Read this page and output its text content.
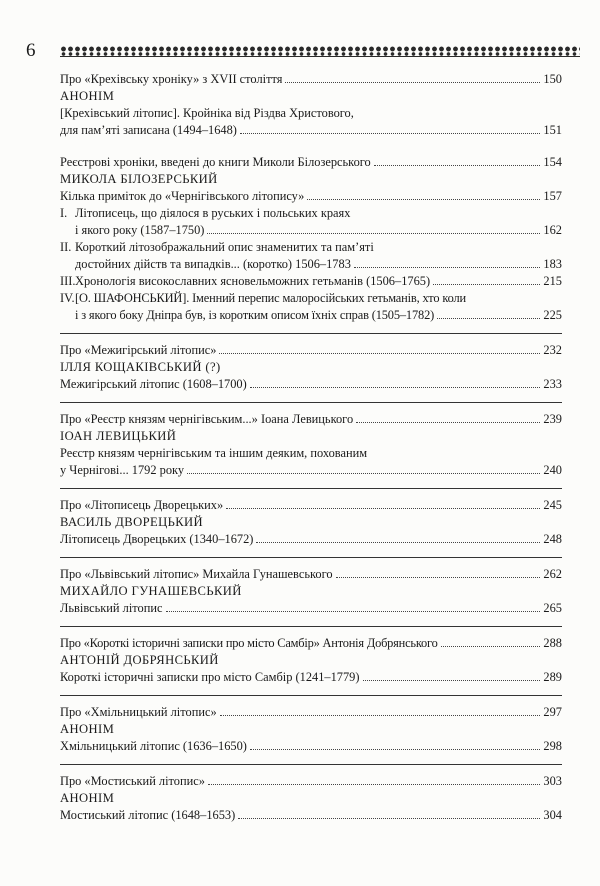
6
Про «Крехівську хроніку» з XVII століття	150
АНОНІМ
[Крехівський літопис]. Кройніка від Різдва Христового,
для пам’яті записана (1494–1648)	151
Реєстрові хроніки, введені до книги Миколи Білозерського	154
МИКОЛА БІЛОЗЕРСЬКИЙ
Кілька приміток до «Чернігівського літопису»	157
I. Літописець, що діялося в руських і польських краях
і якого року (1587–1750)	162
II. Короткий літозображальний опис знаменитих та пам’яті
достойних дійств та випадків... (коротко) 1506–1783	183
III. Хронологія високославних ясновельможних гетьманів (1506–1765)	215
IV. [О. ШАФОНСЬКИЙ]. Іменний перепис малоросійських гетьманів, хто коли
і з якого боку Дніпра був, із коротким описом їхніх справ (1505–1782)	225
Про «Межигірський літопис»	232
ІЛЛЯ КОЩАКІВСЬКИЙ (?)
Межигірський літопис (1608–1700)	233
Про «Реєстр князям чернігівським...» Іоана Левицького	239
ІОАН ЛЕВИЦЬКИЙ
Реєстр князям чернігівським та іншим деяким, похованим
у Чернігові... 1792 року	240
Про «Літописець Дворецьких»	245
ВАСИЛЬ ДВОРЕЦЬКИЙ
Літописець Дворецьких (1340–1672)	248
Про «Львівський літопис» Михайла Гунашевського	262
МИХАЙЛО ГУНАШЕВСЬКИЙ
Львівський літопис	265
Про «Короткі історичні записки про місто Самбір» Антонія Добрянського	288
АНТОНІЙ ДОБРЯНСЬКИЙ
Короткі історичні записки про місто Самбір (1241–1779)	289
Про «Хмільницький літопис»	297
АНОНІМ
Хмільницький літопис (1636–1650)	298
Про «Мостиський літопис»	303
АНОНІМ
Мостиський літопис (1648–1653)	304
